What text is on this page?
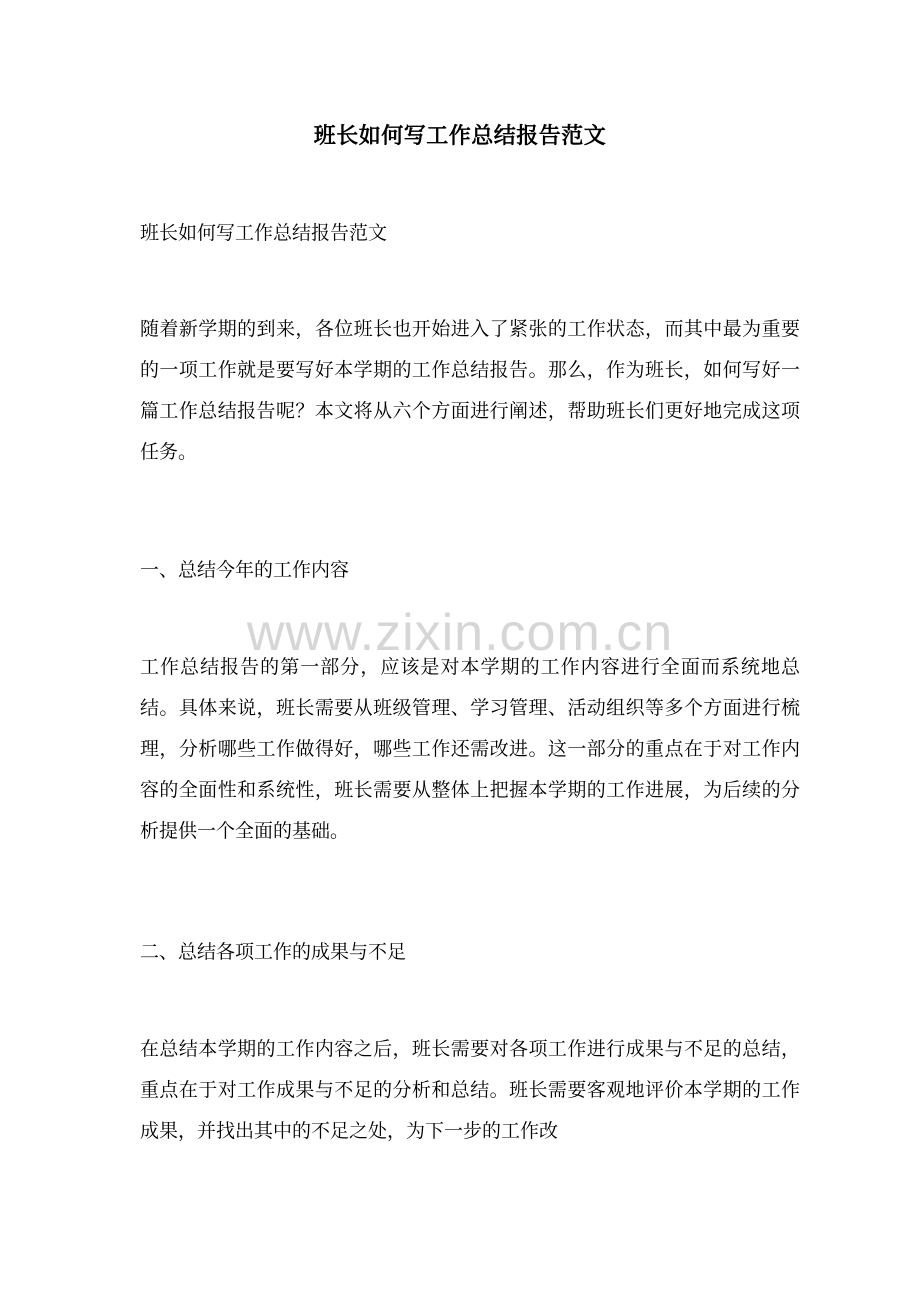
班长如何写工作总结报告范文

班长如何写工作总结报告范文

随着新学期的到来，各位班长也开始进入了紧张的工作状态，而其中最为重要的一项工作就是要写好本学期的工作总结报告。那么，作为班长，如何写好一篇工作总结报告呢？本文将从六个方面进行阐述，帮助班长们更好地完成这项任务。

一、总结今年的工作内容

工作总结报告的第一部分，应该是对本学期的工作内容进行全面而系统地总结。具体来说，班长需要从班级管理、学习管理、活动组织等多个方面进行梳理，分析哪些工作做得好，哪些工作还需改进。这一部分的重点在于对工作内容的全面性和系统性，班长需要从整体上把握本学期的工作进展，为后续的分析提供一个全面的基础。

二、总结各项工作的成果与不足

在总结本学期的工作内容之后，班长需要对各项工作进行成果与不足的总结，重点在于对工作成果与不足的分析和总结。班长需要客观地评价本学期的工作成果，并找出其中的不足之处，为下一步的工作改

www.zixin.com.cn
